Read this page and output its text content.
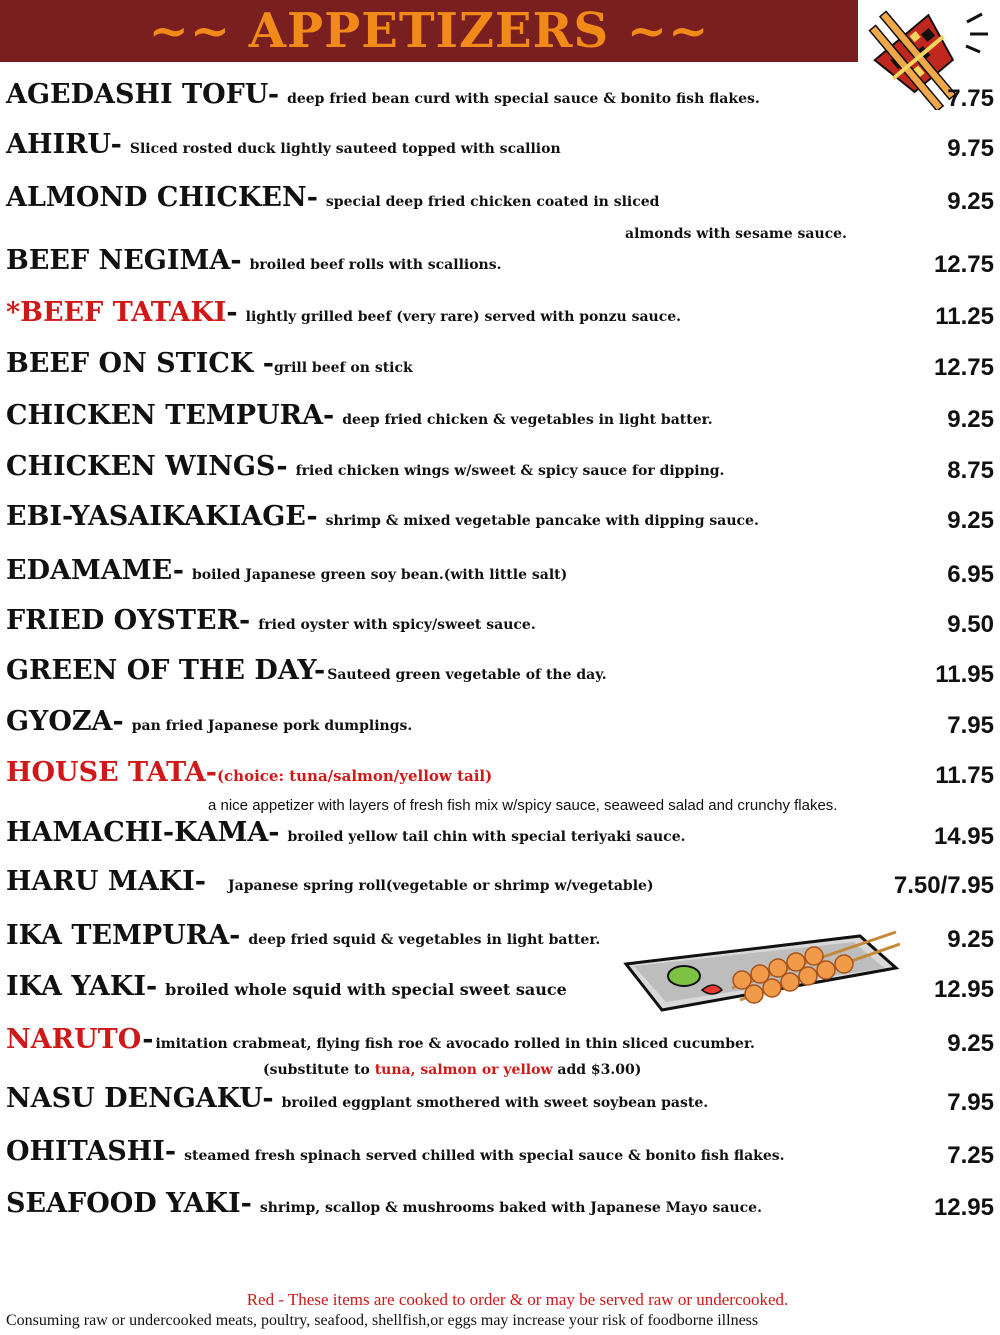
~~ APPETIZERS ~~
AGEDASHI TOFU- deep fried bean curd with special sauce & bonito fish flakes.	7.75
AHIRU- Sliced rosted duck lightly sauteed topped with scallion	9.75
ALMOND CHICKEN- special deep fried chicken coated in sliced	9.25
almonds with sesame sauce.
BEEF NEGIMA- broiled beef rolls with scallions.	12.75
*BEEF TATAKI- lightly grilled beef (very rare) served with ponzu sauce.	11.25
BEEF ON STICK -grill beef on stick	12.75
CHICKEN TEMPURA- deep fried chicken & vegetables in light batter.	9.25
CHICKEN WINGS- fried chicken wings w/sweet & spicy sauce for dipping.	8.75
EBI-YASAIKAKIAGE- shrimp & mixed vegetable pancake with dipping sauce.	9.25
EDAMAME- boiled Japanese green soy bean.(with little salt)	6.95
FRIED OYSTER- fried oyster with spicy/sweet sauce.	9.50
GREEN OF THE DAY- Sauteed green vegetable of the day.	11.95
GYOZA- pan fried Japanese pork dumplings.	7.95
HOUSE TATA-(choice: tuna/salmon/yellow tail)	11.75
a nice appetizer with layers of fresh fish mix w/spicy sauce, seaweed salad and crunchy flakes.
HAMACHI-KAMA- broiled yellow tail chin with special teriyaki sauce.	14.95
HARU MAKI- Japanese spring roll(vegetable or shrimp w/vegetable)	7.50/7.95
IKA TEMPURA- deep fried squid & vegetables in light batter.	9.25
IKA YAKI- broiled whole squid with special sweet sauce	12.95
NARUTO- imitation crabmeat, flying fish roe & avocado rolled in thin sliced cucumber.	9.25
(substitute to tuna, salmon or yellow add $3.00)
NASU DENGAKU- broiled eggplant smothered with sweet soybean paste.	7.95
OHITASHI- steamed fresh spinach served chilled with special sauce & bonito fish flakes.	7.25
SEAFOOD YAKI- shrimp, scallop & mushrooms baked with Japanese Mayo sauce.	12.95
Red - These items are cooked to order & or may be served raw or undercooked.
Consuming raw or undercooked meats, poultry, seafood, shellfish,or eggs may increase your risk of foodborne illness
